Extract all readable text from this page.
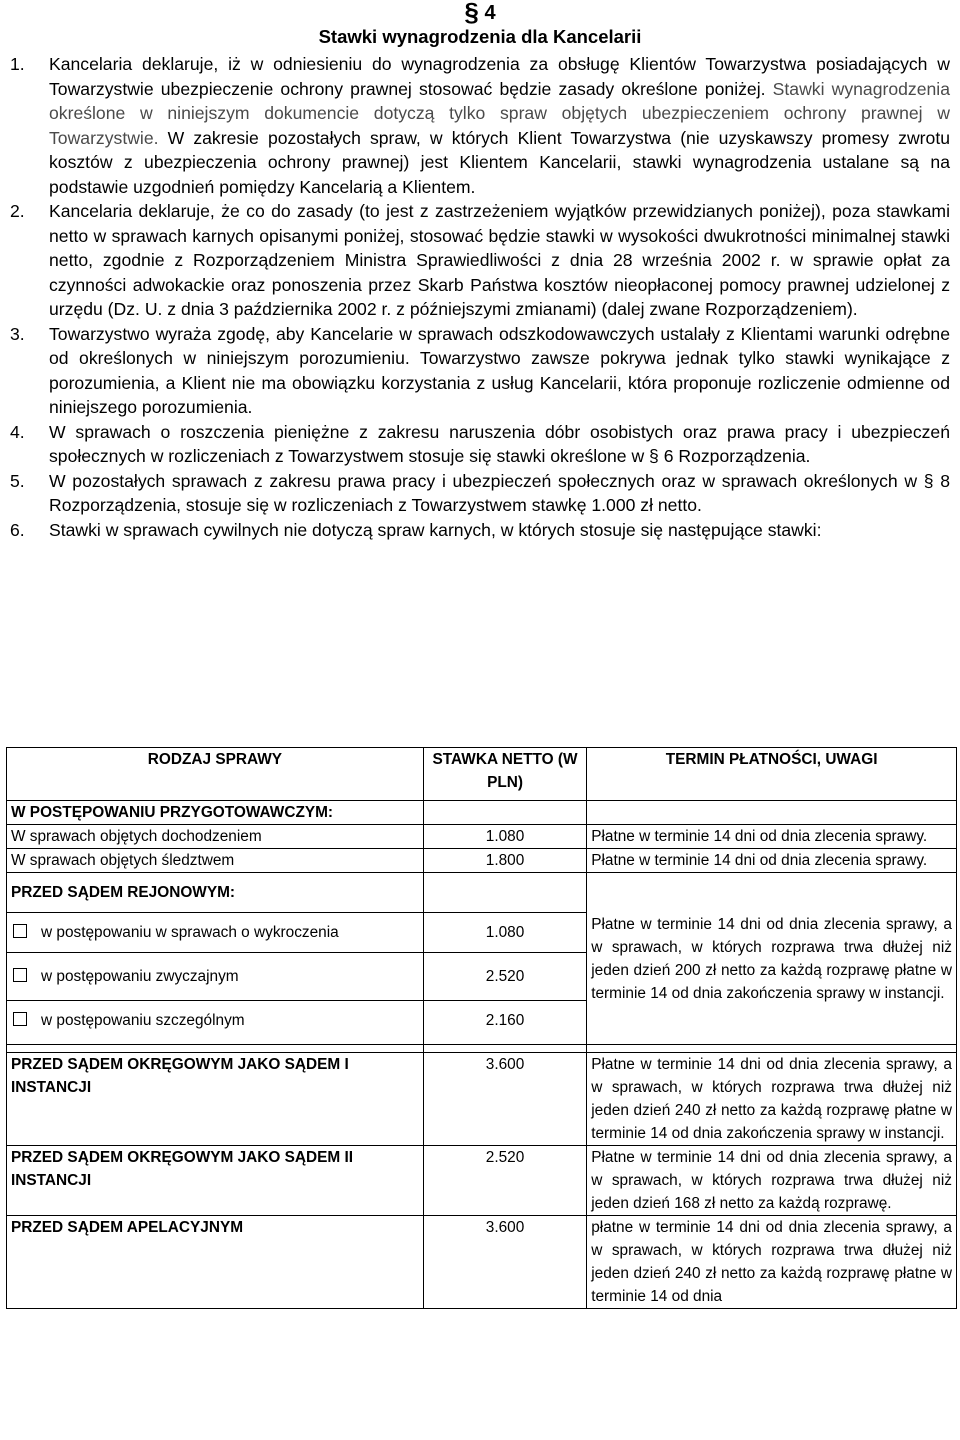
§ 4
Stawki wynagrodzenia dla Kancelarii
1. Kancelaria deklaruje, iż w odniesieniu do wynagrodzenia za obsługę Klientów Towarzystwa posiadających w Towarzystwie ubezpieczenie ochrony prawnej stosować będzie zasady określone poniżej. Stawki wynagrodzenia określone w niniejszym dokumencie dotyczą tylko spraw objętych ubezpieczeniem ochrony prawnej w Towarzystwie. W zakresie pozostałych spraw, w których Klient Towarzystwa (nie uzyskawszy promesy zwrotu kosztów z ubezpieczenia ochrony prawnej) jest Klientem Kancelarii, stawki wynagrodzenia ustalane są na podstawie uzgodnień pomiędzy Kancelarią a Klientem.
2. Kancelaria deklaruje, że co do zasady (to jest z zastrzeżeniem wyjątków przewidzianych poniżej), poza stawkami netto w sprawach karnych opisanymi poniżej, stosować będzie stawki w wysokości dwukrotności minimalnej stawki netto, zgodnie z Rozporządzeniem Ministra Sprawiedliwości z dnia 28 września 2002 r. w sprawie opłat za czynności adwokackie oraz ponoszenia przez Skarb Państwa kosztów nieopłaconej pomocy prawnej udzielonej z urzędu (Dz. U. z dnia 3 października 2002 r. z późniejszymi zmianami) (dalej zwane Rozporządzeniem).
3. Towarzystwo wyraża zgodę, aby Kancelarie w sprawach odszkodowawczych ustalały z Klientami warunki odrębne od określonych w niniejszym porozumieniu. Towarzystwo zawsze pokrywa jednak tylko stawki wynikające z porozumienia, a Klient nie ma obowiązku korzystania z usług Kancelarii, która proponuje rozliczenie odmienne od niniejszego porozumienia.
4. W sprawach o roszczenia pieniężne z zakresu naruszenia dóbr osobistych oraz prawa pracy i ubezpieczeń społecznych w rozliczeniach z Towarzystwem stosuje się stawki określone w § 6 Rozporządzenia.
5. W pozostałych sprawach z zakresu prawa pracy i ubezpieczeń społecznych oraz w sprawach określonych w § 8 Rozporządzenia, stosuje się w rozliczeniach z Towarzystwem stawkę 1.000 zł netto.
6. Stawki w sprawach cywilnych nie dotyczą spraw karnych, w których stosuje się następujące stawki:
RODZAJ SPRAWY	STAWKA NETTO (W PLN)	TERMIN PŁATNOŚCI, UWAGI
W POSTĘPOWANIU PRZYGOTOWAWCZYM:		
W sprawach objętych dochodzeniem	1.080	Płatne w terminie 14 dni od dnia zlecenia sprawy.
W sprawach objętych śledztwem	1.800	Płatne w terminie 14 dni od dnia zlecenia sprawy.
PRZED SĄDEM REJONOWYM:		Płatne w terminie 14 dni od dnia zlecenia sprawy, a w sprawach, w których rozprawa trwa dłużej niż jeden dzień 200 zł netto za każdą rozprawę płatne w terminie 14 od dnia zakończenia sprawy w instancji.
w postępowaniu w sprawach o wykroczenia	1.080	
w postępowaniu zwyczajnym	2.520	
w postępowaniu szczególnym	2.160	

PRZED SĄDEM OKRĘGOWYM JAKO SĄDEM I INSTANCJI	3.600	Płatne w terminie 14 dni od dnia zlecenia sprawy, a w sprawach, w których rozprawa trwa dłużej niż jeden dzień 240 zł netto za każdą rozprawę płatne w terminie 14 od dnia zakończenia sprawy w instancji.
PRZED SĄDEM OKRĘGOWYM JAKO SĄDEM II INSTANCJI	2.520	Płatne w terminie 14 dni od dnia zlecenia sprawy, a w sprawach, w których rozprawa trwa dłużej niż jeden dzień 168 zł netto za każdą rozprawę.
PRZED SĄDEM APELACYJNYM	3.600	płatne w terminie 14 dni od dnia zlecenia sprawy, a w sprawach, w których rozprawa trwa dłużej niż jeden dzień 240 zł netto za każdą rozprawę płatne w terminie 14 od dnia
